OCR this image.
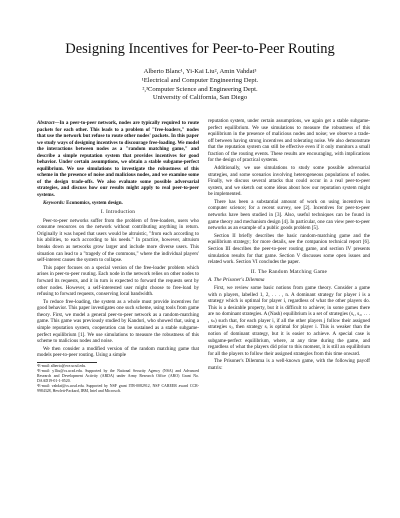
Designing Incentives for Peer-to-Peer Routing
Alberto Blanc¹, Yi-Kai Liu², Amin Vahdat³
¹Electrical and Computer Engineering Dept.
²,³Computer Science and Engineering Dept.
University of California, San Diego

Abstract—In a peer-to-peer network, nodes are typically required to route packets for each other. This leads to a problem of "free-loaders," nodes that use the network but refuse to route other nodes' packets. In this paper we study ways of designing incentives to discourage free-loading. We model the interactions between nodes as a "random matching game," and describe a simple reputation system that provides incentives for good behavior. Under certain assumptions, we obtain a stable subgame-perfect equilibrium. We use simulations to investigate the robustness of this scheme in the presence of noise and malicious nodes, and we examine some of the design trade-offs. We also evaluate some possible adversarial strategies, and discuss how our results might apply to real peer-to-peer systems.

Keywords: Economics, system design.

I. Introduction

Peer-to-peer networks suffer from the problem of free-loaders, users who consume resources on the network without contributing anything in return. Originally it was hoped that users would be altruistic, "from each according to his abilities, to each according to his needs." In practice, however, altruism breaks down as networks grow larger and include more diverse users. This situation can lead to a "tragedy of the commons," where the individual players' self-interest causes the system to collapse.

This paper focuses on a special version of the free-loader problem which arises in peer-to-peer routing. Each node in the network relies on other nodes to forward its requests, and it in turn is expected to forward the requests sent by other nodes. However, a self-interested user might choose to free-load by refusing to forward requests, conserving local bandwidth.

To reduce free-loading, the system as a whole must provide incentives for good behavior. This paper investigates one such scheme, using tools from game theory. First, we model a general peer-to-peer network as a random-matching game. This game was previously studied by Kandori, who showed that, using a simple reputation system, cooperation can be sustained as a stable subgame-perfect equilibrium [1]. We use simulations to measure the robustness of this scheme to malicious nodes and noise.

We then consider a modified version of the random matching game that models peer-to-peer routing. Using a simple

¹E-mail: alberto@ece.ucsd.edu.
²E-mail: y1liu@cs.ucsd.edu. Supported by the National Security Agency (NSA) and Advanced Research and Development Activity (ARDA) under Army Research Office (ARO) Grant No. DAAD19-01-1-0520.
³E-mail: vahdat@cs.ucsd.edu. Supported by NSF grant ITR-0082912, NSF CAREER award CCR-9984328, Hewlett-Packard, IBM, Intel and Microsoft.

reputation system, under certain assumptions, we again get a stable subgame-perfect equilibrium. We use simulations to measure the robustness of this equilibrium in the presence of malicious nodes and noise; we observe a trade-off between having strong incentives and tolerating noise. We also demonstrate that the reputation system can still be effective even if it only monitors a small fraction of the routing events. These results are encouraging, with implications for the design of practical systems.

Additionally, we use simulations to study some possible adversarial strategies, and some scenarios involving heterogeneous populations of nodes. Finally, we discuss several attacks that could occur in a real peer-to-peer system, and we sketch out some ideas about how our reputation system might be implemented.

There has been a substantial amount of work on using incentives in computer science; for a recent survey, see [2]. Incentives for peer-to-peer networks have been studied in [3]. Also, useful techniques can be found in game theory and mechanism design [4]. In particular, one can view peer-to-peer networks as an example of a public goods problem [5].

Section II briefly describes the basic random-matching game and the equilibrium strategy; for more details, see the companion technical report [6]. Section III describes the peer-to-peer routing game, and section IV presents simulation results for that game. Section V discusses some open issues and related work. Section VI concludes the paper.

II. The Random Matching Game
A. The Prisoner's Dilemma

First, we review some basic notions from game theory. Consider a game with n players, labelled 1, 2, . . . , n. A dominant strategy for player i is a strategy which is optimal for player i, regardless of what the other players do. This is a desirable property, but it is difficult to achieve; in some games there are no dominant strategies. A (Nash) equilibrium is a set of strategies (s₁, s₂, . . . , sₙ) such that, for each player i, if all the other players j follow their assigned strategies sⱼ, then strategy sᵢ is optimal for player i. This is weaker than the notion of dominant strategy, but it is easier to achieve. A special case is subgame-perfect equilibrium, where, at any time during the game, and regardless of what the players did prior to this moment, it is still an equilibrium for all the players to follow their assigned strategies from this time onward.

The Prisoner's Dilemma is a well-known game, with the following payoff matrix:
